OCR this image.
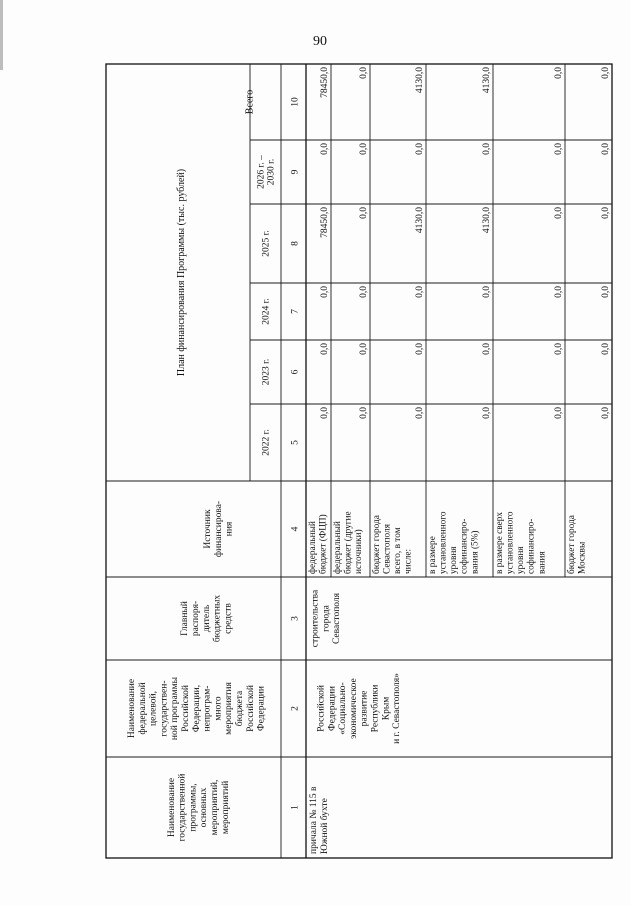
90
Наименование государственной программы, основных мероприятий, мероприятий
Наименование федеральной целевой, государствен- ной программы Российской Федерации, непрограм- много мероприятия бюджета Российской Федерации
Главный распоря- дитель бюджетных средств
Источник финансирова- ния
План финансирования Программы (тыс. рублей)
2022 г.
2023 г.
2024 г.
2025 г.
2026 г. – 2030 г.
Всего
1
2
3
4
5
6
7
8
9
10
причала № 115 в Южной бухте
Российской Федерации «Социально- экономическое развитие Республики Крым и г. Севастополя»
строительства города Севастополя
федеральный бюджет (ФЦП)
0,0
0,0
0,0
78450,0
0,0
78450,0
федеральный бюджет (другие источники)
0,0
0,0
0,0
0,0
0,0
0,0
бюджет города Севастополя всего, в том числе:
0,0
0,0
0,0
4130,0
0,0
4130,0
в размере установленного уровня софинансиро- вания (5%)
0,0
0,0
0,0
4130,0
0,0
4130,0
в размере сверх установленного уровня софинансиро- вания
0,0
0,0
0,0
0,0
0,0
0,0
бюджет города Москвы
0,0
0,0
0,0
0,0
0,0
0,0
